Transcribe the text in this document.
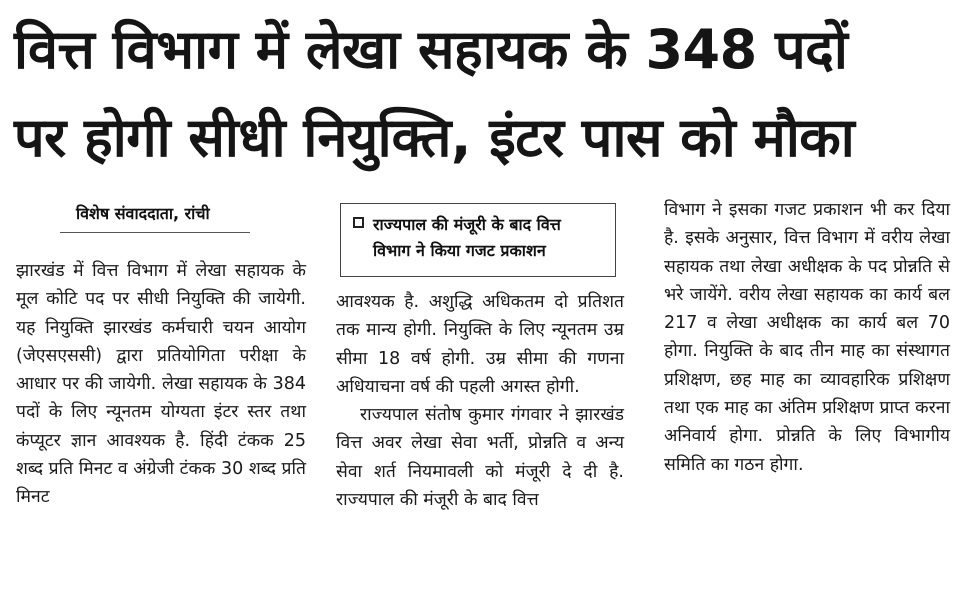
वित्त विभाग में लेखा सहायक के 348 पदों
पर होगी सीधी नियुक्ति, इंटर पास को मौका
विशेष संवाददाता, रांची

झारखंड में वित्त विभाग में लेखा सहायक के मूल कोटि पद पर सीधी नियुक्ति की जायेगी. यह नियुक्ति झारखंड कर्मचारी चयन आयोग (जेएसएससी) द्वारा प्रतियोगिता परीक्षा के आधार पर की जायेगी. लेखा सहायक के 384 पदों के लिए न्यूनतम योग्यता इंटर स्तर तथा कंप्यूटर ज्ञान आवश्यक है. हिंदी टंकक 25 शब्द प्रति मिनट व अंग्रेजी टंकक 30 शब्द प्रति मिनट

राज्यपाल की मंजूरी के बाद वित्त
विभाग ने किया गजट प्रकाशन

आवश्यक है. अशुद्धि अधिकतम दो प्रतिशत तक मान्य होगी. नियुक्ति के लिए न्यूनतम उम्र सीमा 18 वर्ष होगी. उम्र सीमा की गणना अधियाचना वर्ष की पहली अगस्त होगी.

राज्यपाल संतोष कुमार गंगवार ने झारखंड वित्त अवर लेखा सेवा भर्ती, प्रोन्नति व अन्य सेवा शर्त नियमावली को मंजूरी दे दी है. राज्यपाल की मंजूरी के बाद वित्त

विभाग ने इसका गजट प्रकाशन भी कर दिया है. इसके अनुसार, वित्त विभाग में वरीय लेखा सहायक तथा लेखा अधीक्षक के पद प्रोन्नति से भरे जायेंगे. वरीय लेखा सहायक का कार्य बल 217 व लेखा अधीक्षक का कार्य बल 70 होगा. नियुक्ति के बाद तीन माह का संस्थागत प्रशिक्षण, छह माह का व्यावहारिक प्रशिक्षण तथा एक माह का अंतिम प्रशिक्षण प्राप्त करना अनिवार्य होगा. प्रोन्नति के लिए विभागीय समिति का गठन होगा.
